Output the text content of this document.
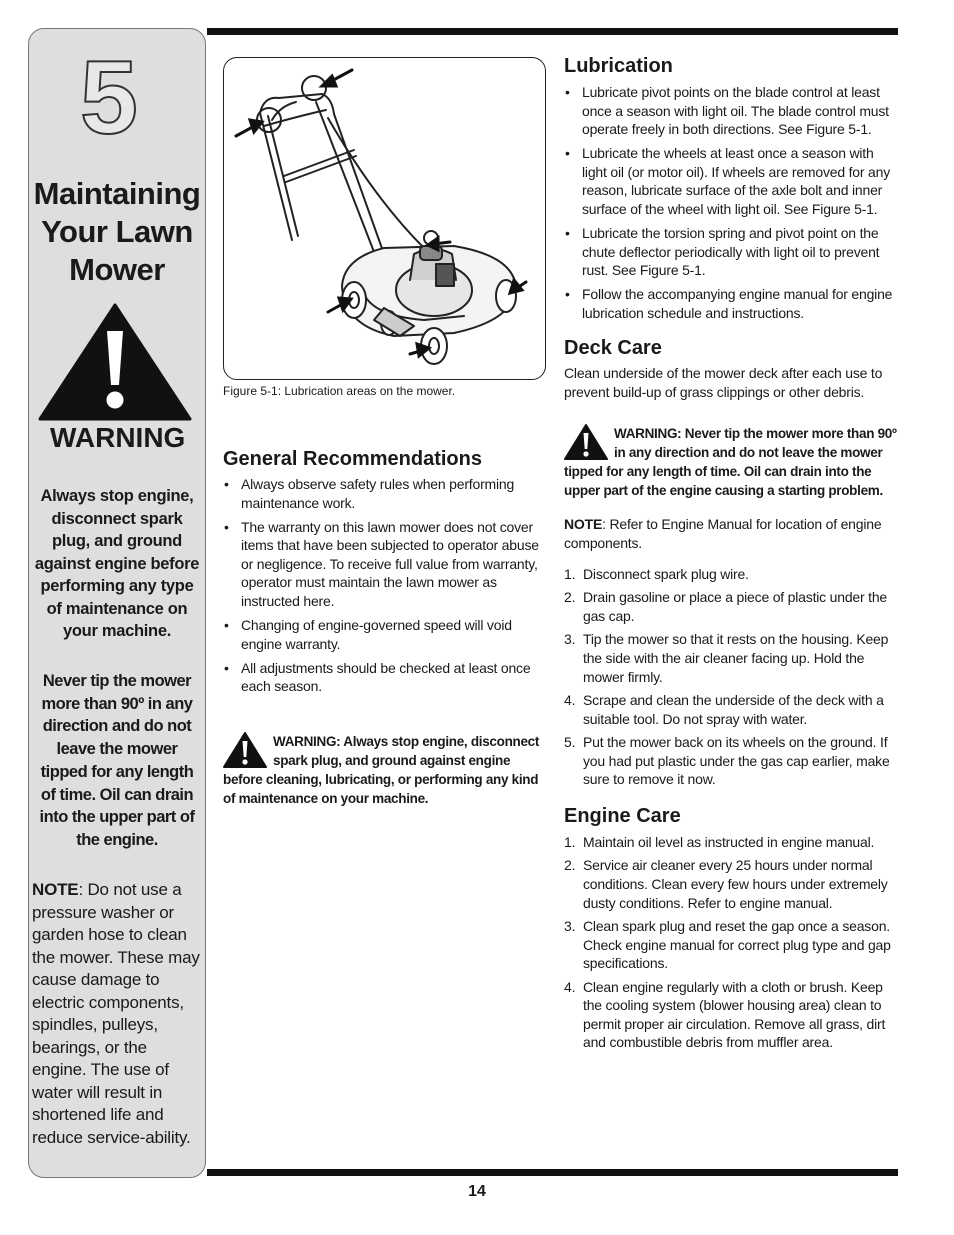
5
Maintaining Your Lawn Mower
WARNING
Always stop engine, disconnect spark plug, and ground against engine before performing any type of maintenance on your machine.
Never tip the mower more than 90º in any direction and do not leave the mower tipped for any length of time. Oil can drain into the upper part of the engine.
NOTE: Do not use a pressure washer or garden hose to clean the mower. These may cause damage to electric components, spindles, pulleys, bearings, or the engine. The use of water will result in shortened life and reduce service-ability.
Figure 5-1: Lubrication areas on the mower.
General Recommendations
• Always observe safety rules when performing maintenance work.
• The warranty on this lawn mower does not cover items that have been subjected to operator abuse or negligence. To receive full value from warranty, operator must maintain the lawn mower as instructed here.
• Changing of engine-governed speed will void engine warranty.
• All adjustments should be checked at least once each season.
WARNING: Always stop engine, disconnect spark plug, and ground against engine before cleaning, lubricating, or performing any kind of maintenance on your machine.
Lubrication
• Lubricate pivot points on the blade control at least once a season with light oil. The blade control must operate freely in both directions. See Figure 5-1.
• Lubricate the wheels at least once a season with light oil (or motor oil). If wheels are removed for any reason, lubricate surface of the axle bolt and inner surface of the wheel with light oil. See Figure 5-1.
• Lubricate the torsion spring and pivot point on the chute deflector periodically with light oil to prevent rust. See Figure 5-1.
• Follow the accompanying engine manual for engine lubrication schedule and instructions.
Deck Care
Clean underside of the mower deck after each use to prevent build-up of grass clippings or other debris.
WARNING: Never tip the mower more than 90º in any direction and do not leave the mower tipped for any length of time. Oil can drain into the upper part of the engine causing a starting problem.
NOTE: Refer to Engine Manual for location of engine components.
1. Disconnect spark plug wire.
2. Drain gasoline or place a piece of plastic under the gas cap.
3. Tip the mower so that it rests on the housing. Keep the side with the air cleaner facing up. Hold the mower firmly.
4. Scrape and clean the underside of the deck with a suitable tool. Do not spray with water.
5. Put the mower back on its wheels on the ground. If you had put plastic under the gas cap earlier, make sure to remove it now.
Engine Care
1. Maintain oil level as instructed in engine manual.
2. Service air cleaner every 25 hours under normal conditions. Clean every few hours under extremely dusty conditions. Refer to engine manual.
3. Clean spark plug and reset the gap once a season. Check engine manual for correct plug type and gap specifications.
4. Clean engine regularly with a cloth or brush. Keep the cooling system (blower housing area) clean to permit proper air circulation. Remove all grass, dirt and combustible debris from muffler area.
14
